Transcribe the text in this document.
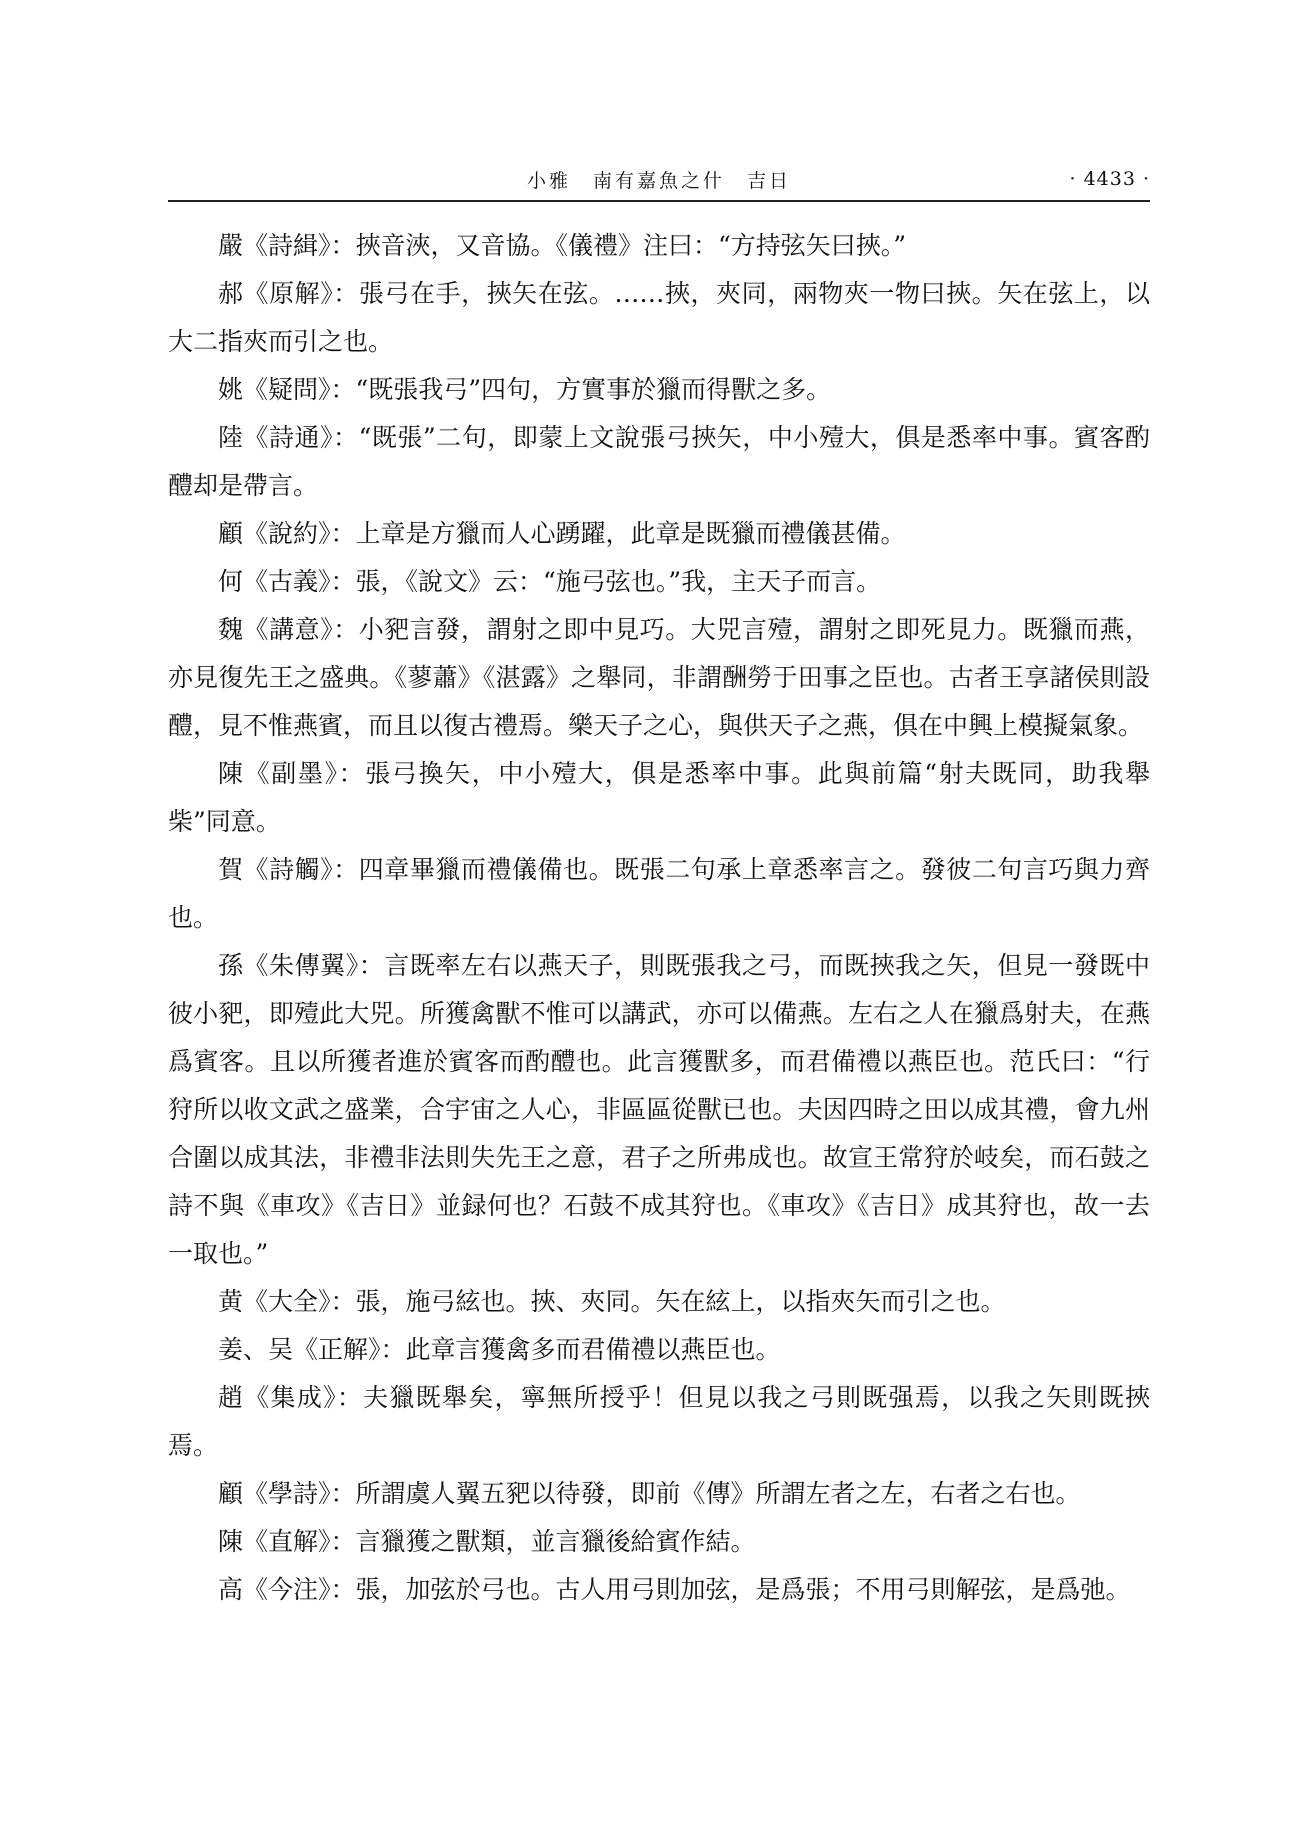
小雅　南有嘉魚之什　吉日	· 4433 ·

嚴《詩緝》：挾音浹，又音協。《儀禮》注曰：“方持弦矢曰挾。”

郝《原解》：張弓在手，挾矢在弦。……挾，夾同，兩物夾一物曰挾。矢在弦上，以大二指夾而引之也。

姚《疑問》：“既張我弓”四句，方實事於獵而得獸之多。

陸《詩通》：“既張”二句，即蒙上文說張弓挾矢，中小殪大，俱是悉率中事。賓客酌醴却是帶言。

顧《說約》：上章是方獵而人心踴躍，此章是既獵而禮儀甚備。

何《古義》：張，《說文》云：“施弓弦也。”我，主天子而言。

魏《講意》：小豝言發，謂射之即中見巧。大兕言殪，謂射之即死見力。既獵而燕，亦見復先王之盛典。《蓼蕭》《湛露》之舉同，非謂酬勞于田事之臣也。古者王享諸侯則設醴，見不惟燕賓，而且以復古禮焉。樂天子之心，與供天子之燕，俱在中興上模擬氣象。

陳《副墨》：張弓換矢，中小殪大，俱是悉率中事。此與前篇“射夫既同，助我舉柴”同意。

賀《詩觸》：四章畢獵而禮儀備也。既張二句承上章悉率言之。發彼二句言巧與力齊也。

孫《朱傳翼》：言既率左右以燕天子，則既張我之弓，而既挾我之矢，但見一發既中彼小豝，即殪此大兕。所獲禽獸不惟可以講武，亦可以備燕。左右之人在獵爲射夫，在燕爲賓客。且以所獲者進於賓客而酌醴也。此言獲獸多，而君備禮以燕臣也。范氏曰：“行狩所以收文武之盛業，合宇宙之人心，非區區從獸已也。夫因四時之田以成其禮，會九州合圍以成其法，非禮非法則失先王之意，君子之所弗成也。故宣王常狩於岐矣，而石鼓之詩不與《車攻》《吉日》並録何也？石鼓不成其狩也。《車攻》《吉日》成其狩也，故一去一取也。”

黄《大全》：張，施弓絃也。挾、夾同。矢在絃上，以指夾矢而引之也。

姜、吴《正解》：此章言獲禽多而君備禮以燕臣也。

趙《集成》：夫獵既舉矣，寧無所授乎！但見以我之弓則既强焉，以我之矢則既挾焉。

顧《學詩》：所謂虞人翼五豝以待發，即前《傳》所謂左者之左，右者之右也。

陳《直解》：言獵獲之獸類，並言獵後給賓作結。

高《今注》：張，加弦於弓也。古人用弓則加弦，是爲張；不用弓則解弦，是爲弛。
